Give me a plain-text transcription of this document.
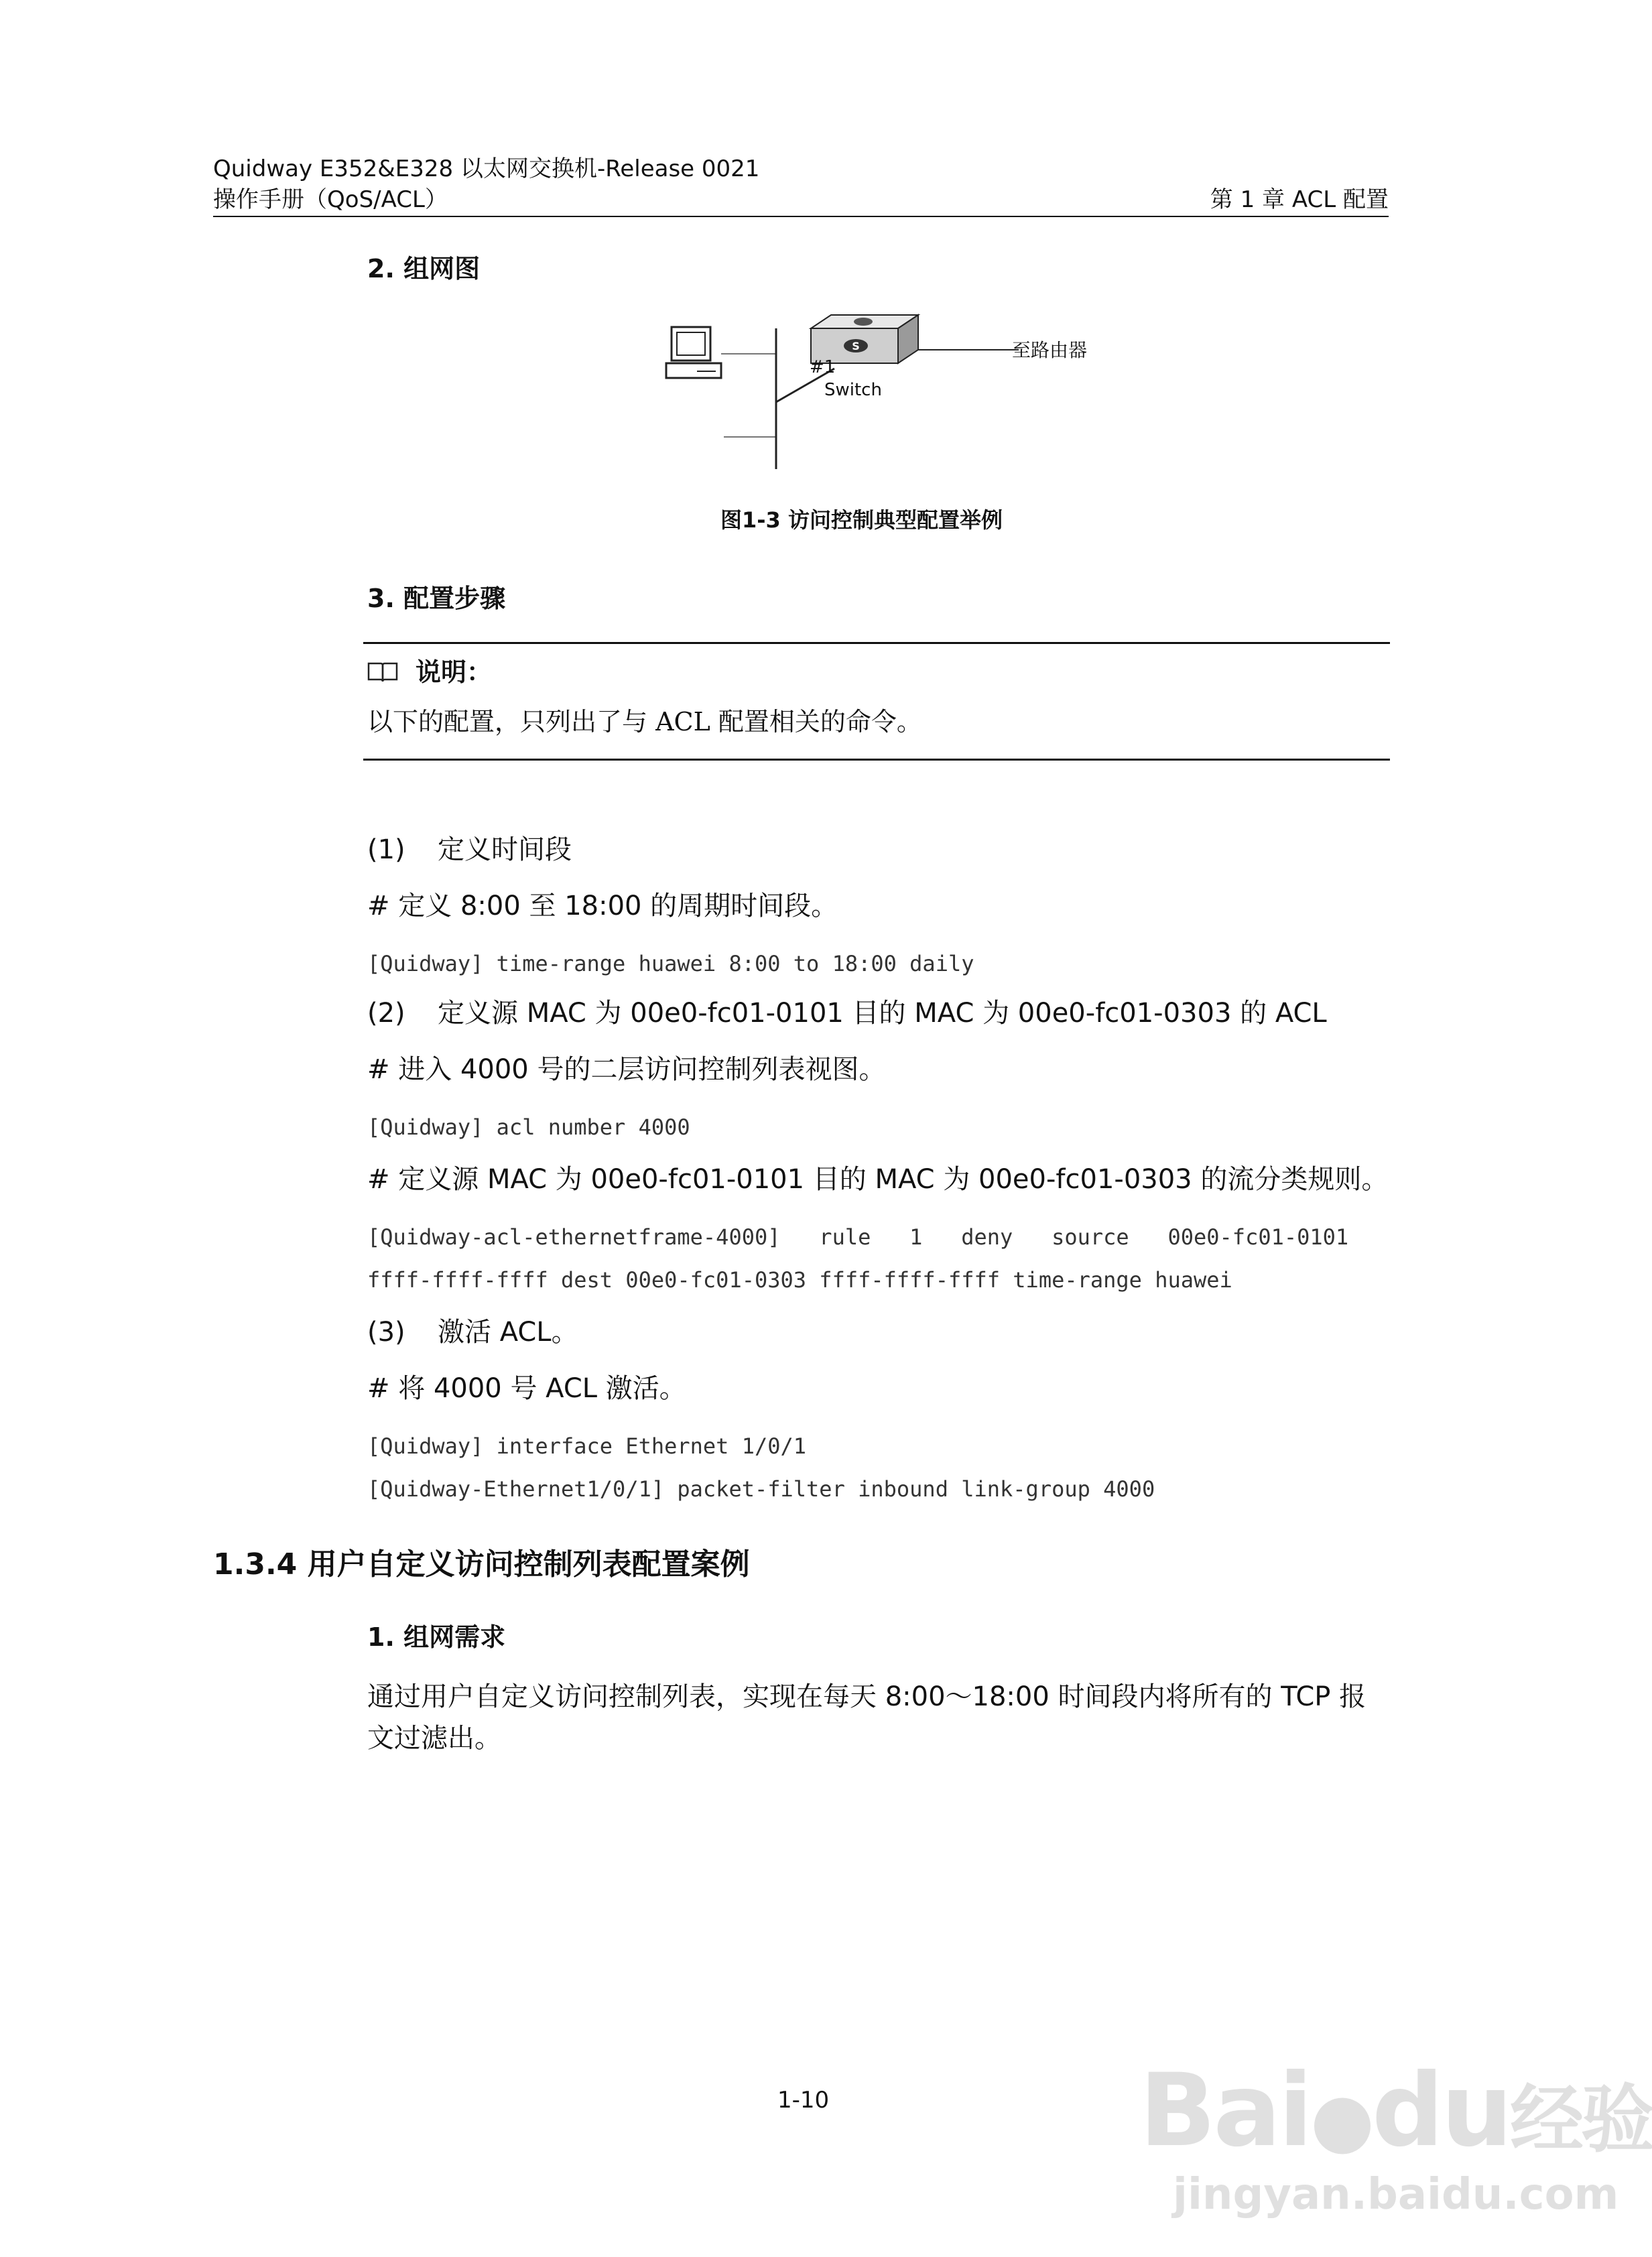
Quidway E352&E328 以太网交换机-Release 0021
操作手册（QoS/ACL）	第 1 章 ACL 配置
2. 组网图
S
#1
Switch
至路由器
图1-3 访问控制典型配置举例
3. 配置步骤
说明：
以下的配置，只列出了与 ACL 配置相关的命令。
(1) 定义时间段
# 定义 8:00 至 18:00 的周期时间段。
[Quidway] time-range huawei 8:00 to 18:00 daily
(2) 定义源 MAC 为 00e0-fc01-0101 目的 MAC 为 00e0-fc01-0303 的 ACL
# 进入 4000 号的二层访问控制列表视图。
[Quidway] acl number 4000
# 定义源 MAC 为 00e0-fc01-0101 目的 MAC 为 00e0-fc01-0303 的流分类规则。
[Quidway-acl-ethernetframe-4000]   rule   1   deny   source   00e0-fc01-0101
ffff-ffff-ffff dest 00e0-fc01-0303 ffff-ffff-ffff time-range huawei
(3) 激活 ACL。
# 将 4000 号 ACL 激活。
[Quidway] interface Ethernet 1/0/1
[Quidway-Ethernet1/0/1] packet-filter inbound link-group 4000
1.3.4 用户自定义访问控制列表配置案例
1. 组网需求
通过用户自定义访问控制列表，实现在每天 8:00～18:00 时间段内将所有的 TCP 报
文过滤出。
1-10	Bai●du经验
jingyan.baidu.com
